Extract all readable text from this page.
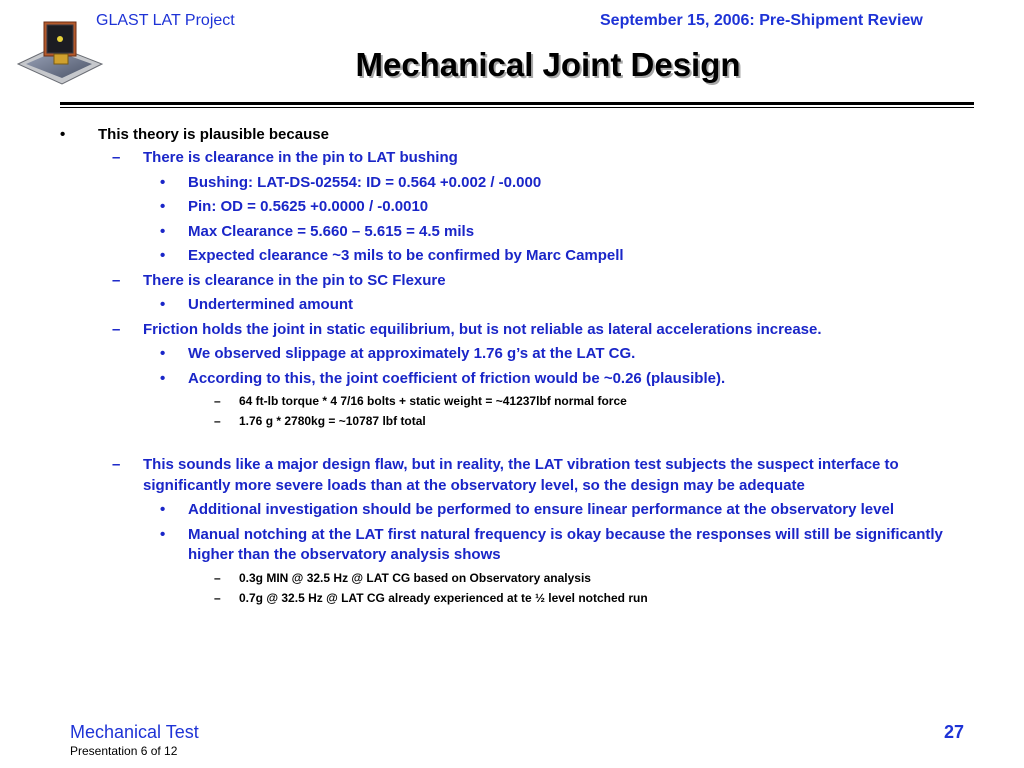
GLAST LAT Project	September 15, 2006: Pre-Shipment Review
Mechanical Joint Design
• This theory is plausible because
– There is clearance in the pin to LAT bushing
• Bushing: LAT-DS-02554: ID = 0.564 +0.002 / -0.000
• Pin: OD = 0.5625 +0.0000 / -0.0010
• Max Clearance = 5.660 – 5.615 = 4.5 mils
• Expected clearance ~3 mils to be confirmed by Marc Campell
– There is clearance in the pin to SC Flexure
• Undertermined amount
– Friction holds the joint in static equilibrium, but is not reliable as lateral accelerations increase.
• We observed slippage at approximately 1.76 g’s at the LAT CG.
• According to this, the joint coefficient of friction would be ~0.26 (plausible).
– 64 ft-lb torque * 4 7/16 bolts + static weight = ~41237lbf normal force
– 1.76 g * 2780kg = ~10787 lbf total
– This sounds like a major design flaw, but in reality, the LAT vibration test subjects the suspect interface to significantly more severe loads than at the observatory level, so the design may be adequate
• Additional investigation should be performed to ensure linear performance at the observatory level
• Manual notching at the LAT first natural frequency is okay because the responses will still be significantly higher than the observatory analysis shows
– 0.3g MIN @ 32.5 Hz @ LAT CG based on Observatory analysis
– 0.7g @ 32.5 Hz @ LAT CG already experienced at te ½ level notched run
Mechanical Test
Presentation 6 of 12
27
